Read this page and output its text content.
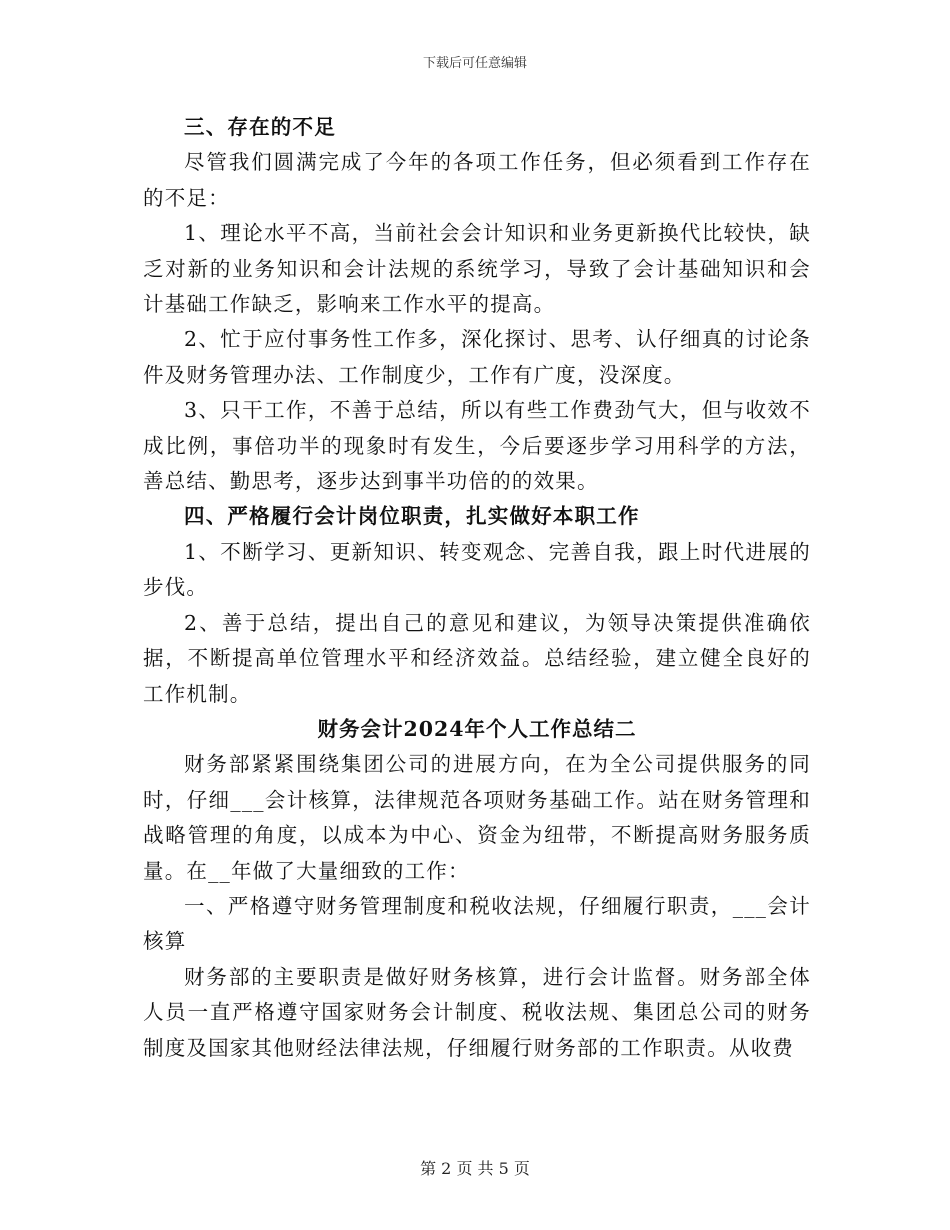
下载后可任意编辑

三、存在的不足

尽管我们圆满完成了今年的各项工作任务，但必须看到工作存在的不足：

1、理论水平不高，当前社会会计知识和业务更新换代比较快，缺乏对新的业务知识和会计法规的系统学习，导致了会计基础知识和会计基础工作缺乏，影响来工作水平的提高。

2、忙于应付事务性工作多，深化探讨、思考、认仔细真的讨论条件及财务管理办法、工作制度少，工作有广度，没深度。

3、只干工作，不善于总结，所以有些工作费劲气大，但与收效不成比例，事倍功半的现象时有发生，今后要逐步学习用科学的方法，善总结、勤思考，逐步达到事半功倍的的效果。

四、严格履行会计岗位职责，扎实做好本职工作

1、不断学习、更新知识、转变观念、完善自我，跟上时代进展的步伐。

2、善于总结，提出自己的意见和建议，为领导决策提供准确依据，不断提高单位管理水平和经济效益。总结经验，建立健全良好的工作机制。

财务会计2024年个人工作总结二

财务部紧紧围绕集团公司的进展方向，在为全公司提供服务的同时，仔细___会计核算，法律规范各项财务基础工作。站在财务管理和战略管理的角度，以成本为中心、资金为纽带，不断提高财务服务质量。在__年做了大量细致的工作：

一、严格遵守财务管理制度和税收法规，仔细履行职责，___会计核算

财务部的主要职责是做好财务核算，进行会计监督。财务部全体人员一直严格遵守国家财务会计制度、税收法规、集团总公司的财务制度及国家其他财经法律法规，仔细履行财务部的工作职责。从收费

第 2 页 共 5 页
